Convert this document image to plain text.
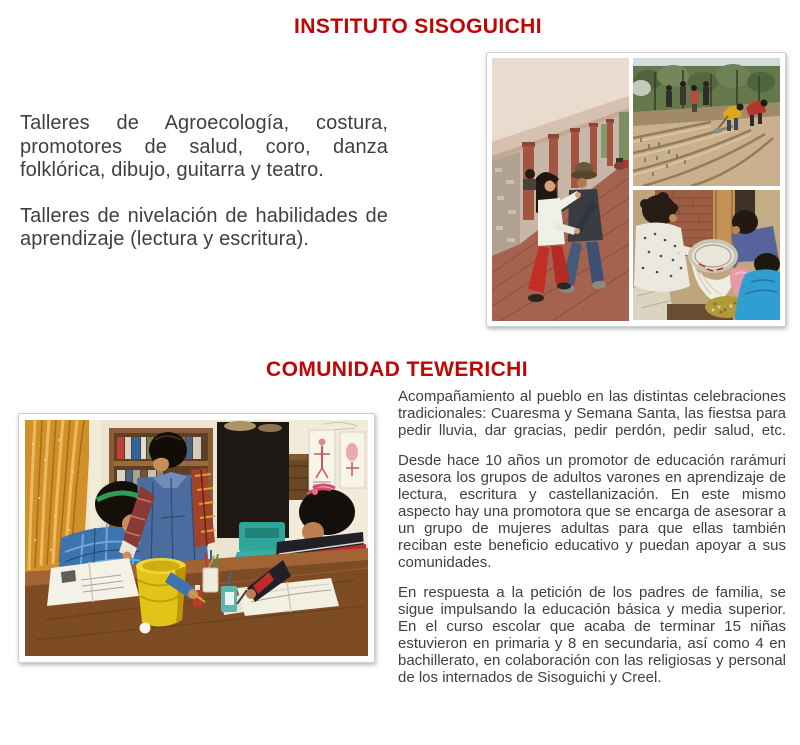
INSTITUTO SISOGUICHI

Talleres de Agroecología, costura, promotores de salud, coro, danza folklórica, dibujo, guitarra y teatro.

Talleres de nivelación de habilidades de aprendizaje (lectura y escritura).

COMUNIDAD TEWERICHI

Acompañamiento al pueblo en las distintas celebraciones tradicionales: Cuaresma y Semana Santa, las fiestsa para pedir lluvia, dar gracias, pedir perdón, pedir salud, etc.

Desde hace 10 años un promotor de educación rarámuri asesora los grupos de adultos varones en aprendizaje de lectura, escritura y castellanización. En este mismo aspecto hay una promotora que se encarga de asesorar a un grupo de mujeres adultas para que ellas también reciban este beneficio educativo y puedan apoyar a sus comunidades.

En respuesta a la petición de los padres de familia, se sigue impulsando la educación básica y media superior. En el curso escolar que acaba de terminar 15 niñas estuvieron en primaria y 8 en secundaria, así como 4 en bachillerato, en colaboración con las religiosas y personal de los internados de Sisoguichi y Creel.
